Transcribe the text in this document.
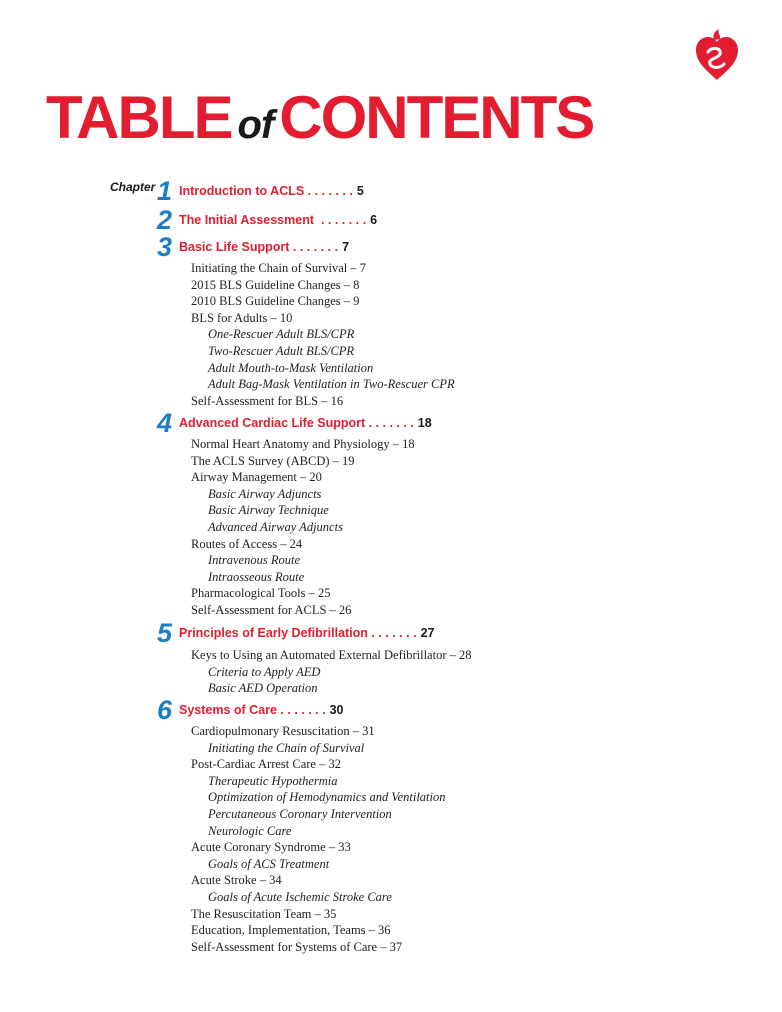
TABLE of CONTENTS
Chapter 1 Introduction to ACLS . . . . . . . 5
2 The Initial Assessment  . . . . . . . 6
3 Basic Life Support . . . . . . . 7
Initiating the Chain of Survival – 7
2015 BLS Guideline Changes – 8
2010 BLS Guideline Changes – 9
BLS for Adults – 10
One-Rescuer Adult BLS/CPR
Two-Rescuer Adult BLS/CPR
Adult Mouth-to-Mask Ventilation
Adult Bag-Mask Ventilation in Two-Rescuer CPR
Self-Assessment for BLS – 16
4 Advanced Cardiac Life Support . . . . . . . 18
Normal Heart Anatomy and Physiology – 18
The ACLS Survey (ABCD) – 19
Airway Management – 20
Basic Airway Adjuncts
Basic Airway Technique
Advanced Airway Adjuncts
Routes of Access – 24
Intravenous Route
Intraosseous Route
Pharmacological Tools – 25
Self-Assessment for ACLS – 26
5 Principles of Early Defibrillation . . . . . . . 27
Keys to Using an Automated External Defibrillator – 28
Criteria to Apply AED
Basic AED Operation
6 Systems of Care . . . . . . . 30
Cardiopulmonary Resuscitation – 31
Initiating the Chain of Survival
Post-Cardiac Arrest Care – 32
Therapeutic Hypothermia
Optimization of Hemodynamics and Ventilation
Percutaneous Coronary Intervention
Neurologic Care
Acute Coronary Syndrome – 33
Goals of ACS Treatment
Acute Stroke – 34
Goals of Acute Ischemic Stroke Care
The Resuscitation Team – 35
Education, Implementation, Teams – 36
Self-Assessment for Systems of Care – 37
